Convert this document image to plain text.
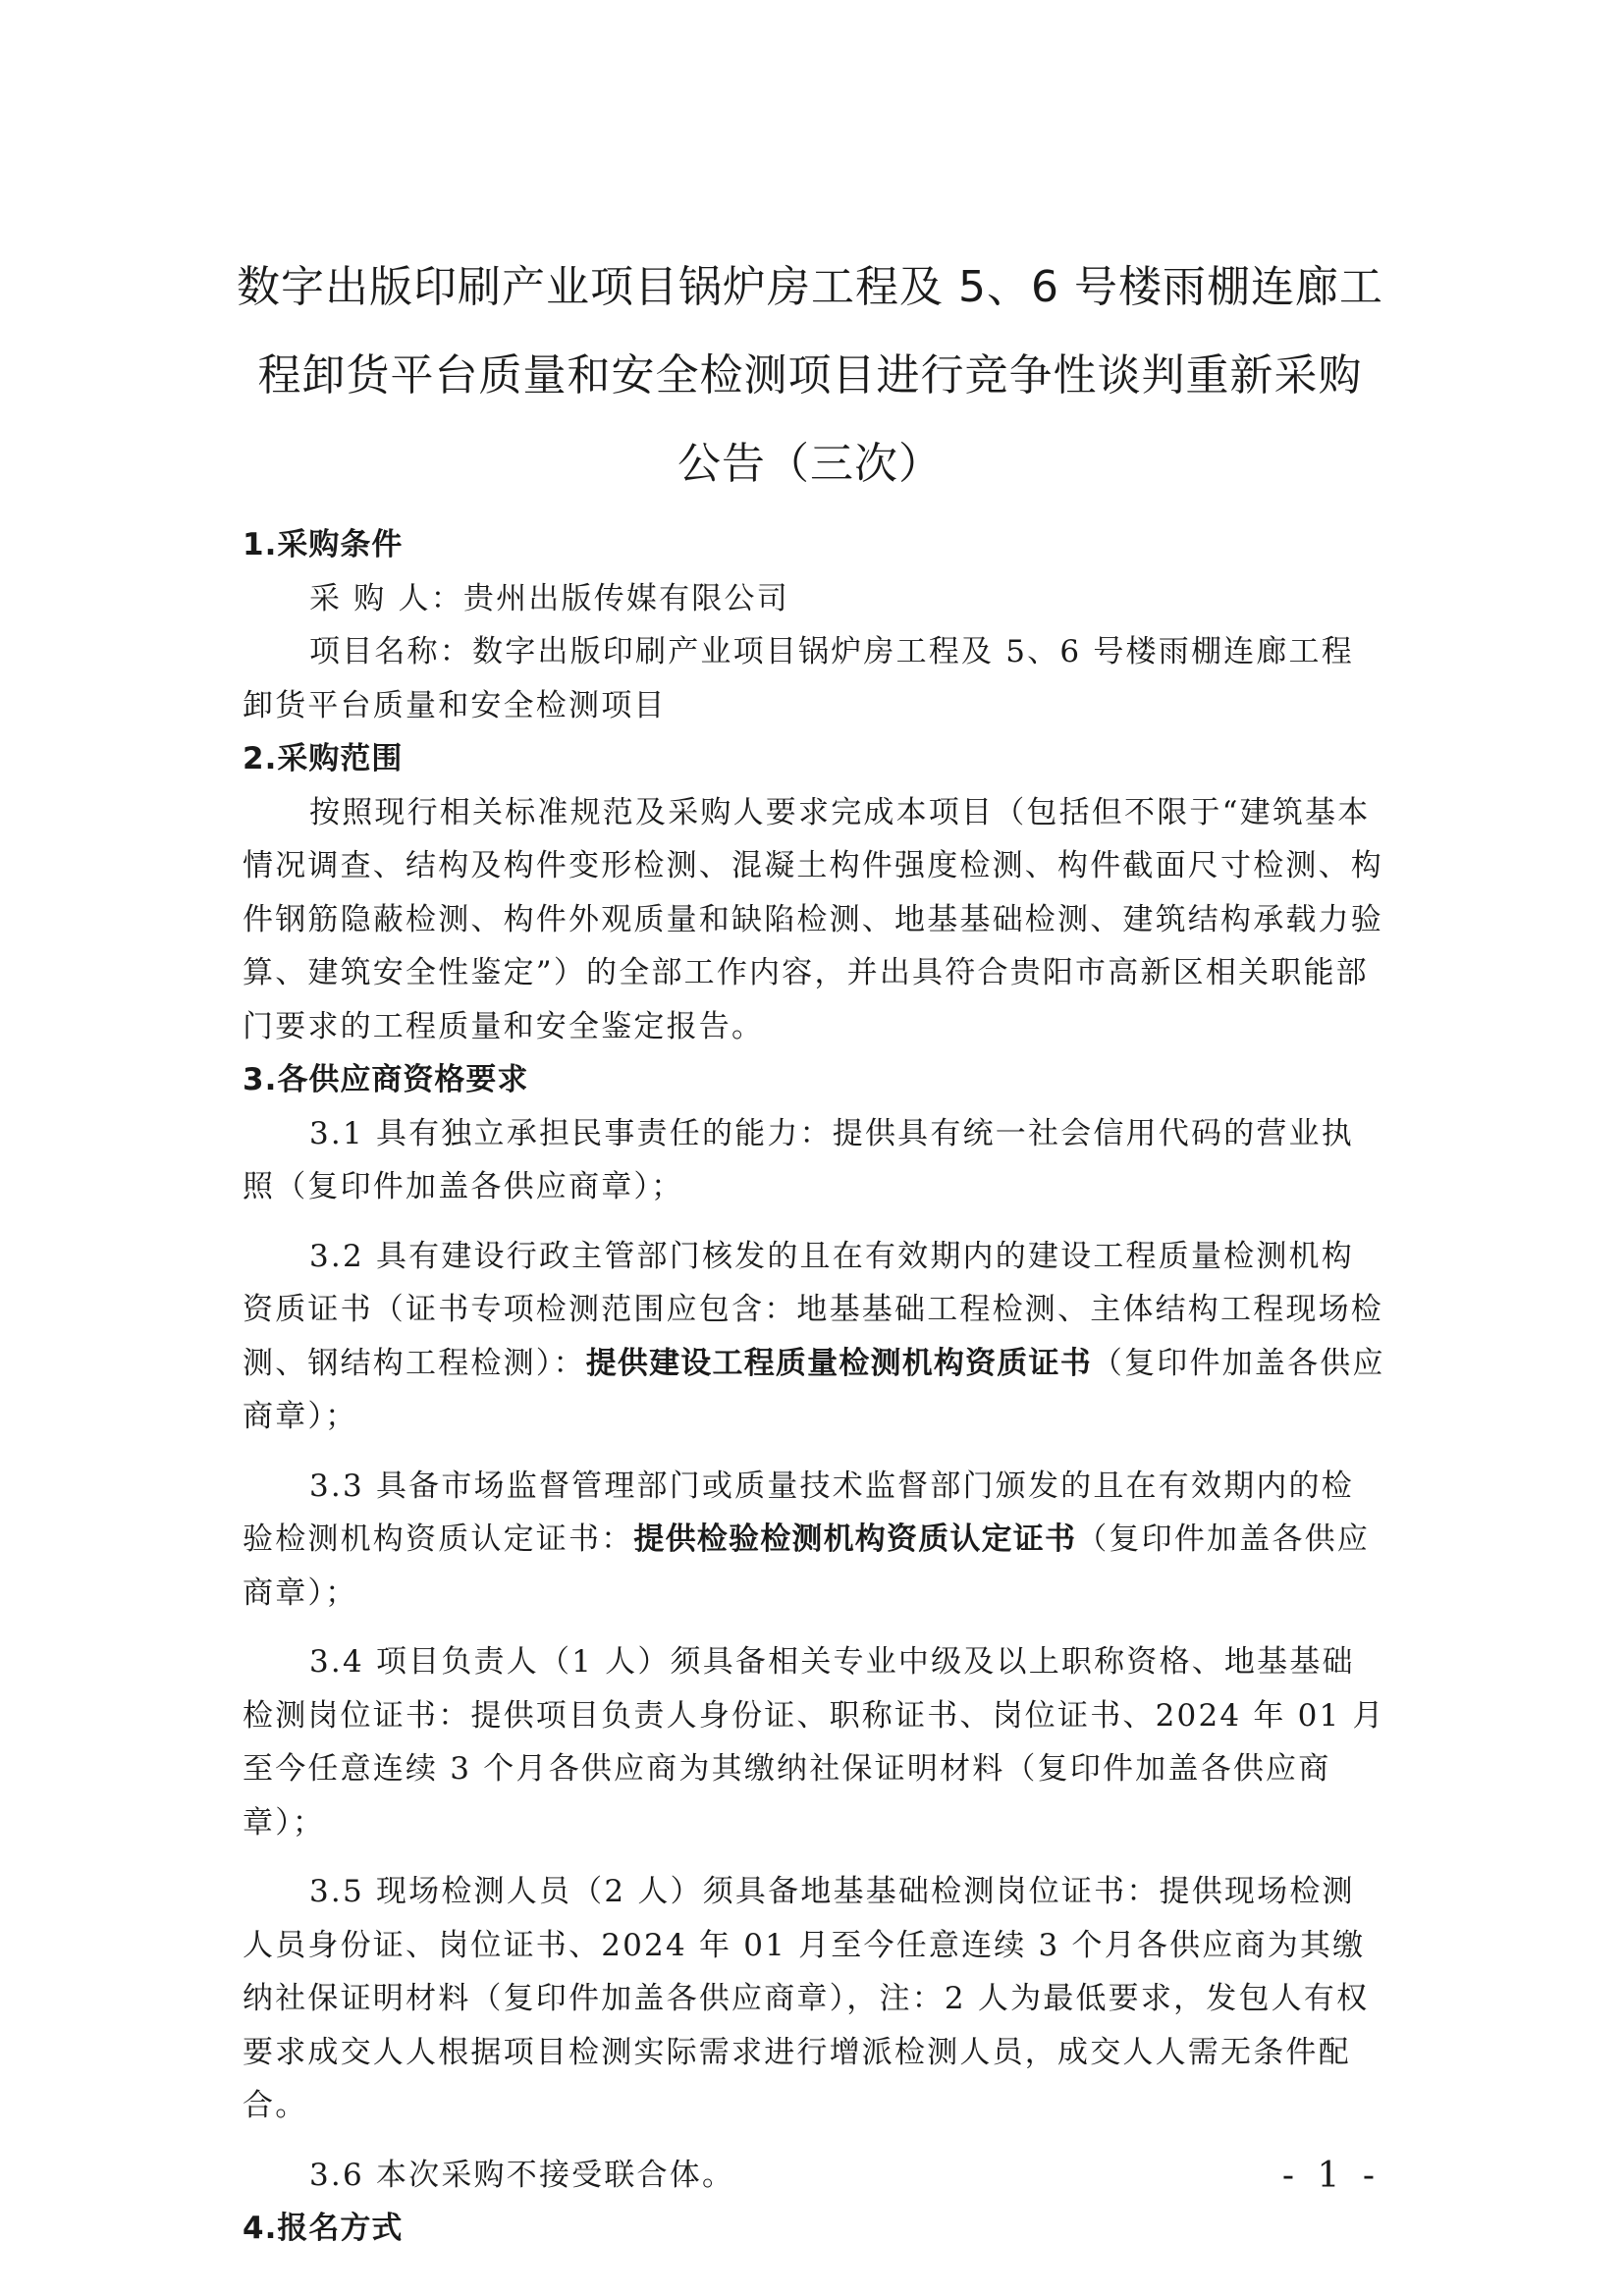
数字出版印刷产业项目锅炉房工程及 5、6 号楼雨棚连廊工
程卸货平台质量和安全检测项目进行竞争性谈判重新采购
公告（三次）

1.采购条件

采 购 人：贵州出版传媒有限公司

项目名称：数字出版印刷产业项目锅炉房工程及 5、6 号楼雨棚连廊工程卸货平台质量和安全检测项目

2.采购范围

按照现行相关标准规范及采购人要求完成本项目（包括但不限于“建筑基本情况调查、结构及构件变形检测、混凝土构件强度检测、构件截面尺寸检测、构件钢筋隐蔽检测、构件外观质量和缺陷检测、地基基础检测、建筑结构承载力验算、建筑安全性鉴定”）的全部工作内容，并出具符合贵阳市高新区相关职能部门要求的工程质量和安全鉴定报告。

3.各供应商资格要求

3.1 具有独立承担民事责任的能力：提供具有统一社会信用代码的营业执照（复印件加盖各供应商章）；

3.2 具有建设行政主管部门核发的且在有效期内的建设工程质量检测机构资质证书（证书专项检测范围应包含：地基基础工程检测、主体结构工程现场检测、钢结构工程检测）：提供建设工程质量检测机构资质证书（复印件加盖各供应商章）；

3.3 具备市场监督管理部门或质量技术监督部门颁发的且在有效期内的检验检测机构资质认定证书：提供检验检测机构资质认定证书（复印件加盖各供应商章）；

3.4 项目负责人（1 人）须具备相关专业中级及以上职称资格、地基基础检测岗位证书：提供项目负责人身份证、职称证书、岗位证书、2024 年 01 月至今任意连续 3 个月各供应商为其缴纳社保证明材料（复印件加盖各供应商章）；

3.5 现场检测人员（2 人）须具备地基基础检测岗位证书：提供现场检测人员身份证、岗位证书、2024 年 01 月至今任意连续 3 个月各供应商为其缴纳社保证明材料（复印件加盖各供应商章），注：2 人为最低要求，发包人有权要求成交人人根据项目检测实际需求进行增派检测人员，成交人人需无条件配合。

3.6 本次采购不接受联合体。

4.报名方式

- 1 -
